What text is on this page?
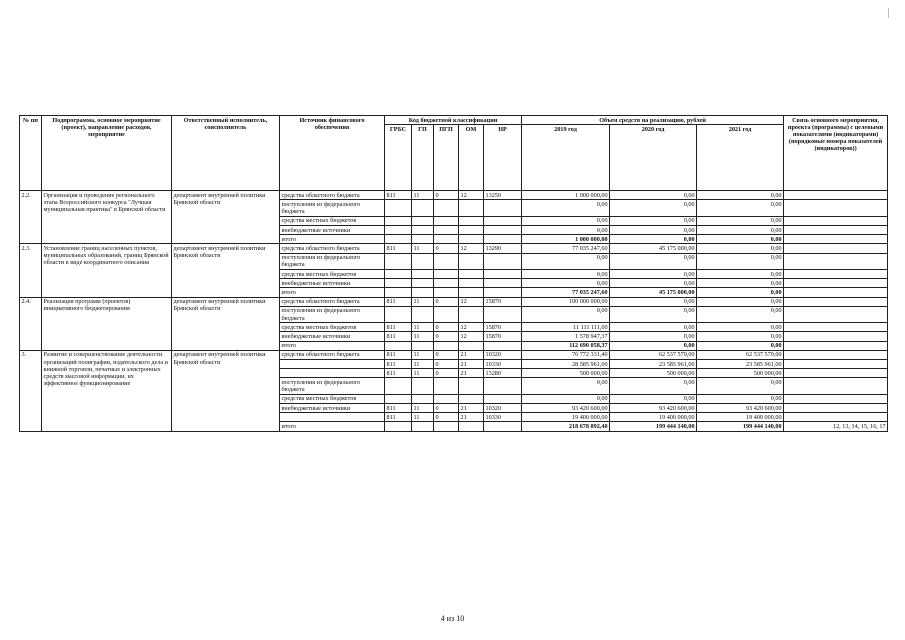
№ пп	Подпрограмма, основное мероприятие (проект), направление расходов, мероприятие	Ответственный исполнитель, соисполнитель	Источник финансового обеспечения	Код бюджетной классификации					Объем средств на реализацию, рублей			Связь основного мероприятия, проекта (программы) с целевыми показателями (индикаторами) (порядковые номера показателей (индикаторов))
				ГРБС	ГП	ПГП	ОМ	НР	2019 год	2020 год	2021 год	
2.2.	Организация и проведение регионального этапа Всероссийского конкурса "Лучшая муниципальная практика" в Брянской области	департамент внутренней политики Брянской области	средства областного бюджета	811	11	0	12	13250	1 000 000,00	0,00	0,00	
			поступления из федерального бюджета						0,00	0,00	0,00	
			средства местных бюджетов						0,00	0,00	0,00	
			внебюджетные источники						0,00	0,00	0,00	
			итого						1 000 000,00	0,00	0,00	
2.3.	Установление границ населенных пунктов, муниципальных образований, границ Брянской области в виде координатного описания	департамент внутренней политики Брянской области	средства областного бюджета	811	11	0	12	13290	77 035 247,60	45 175 000,00	0,00	
			поступления из федерального бюджета						0,00	0,00	0,00	
			средства местных бюджетов						0,00	0,00	0,00	
			внебюджетные источники						0,00	0,00	0,00	
			итого						77 035 247,60	45 175 000,00	0,00	
2.4.	Реализация программ (проектов) инициативного бюджетирования	департамент внутренней политики Брянской области	средства областного бюджета	811	11	0	12	15870	100 000 000,00	0,00	0,00	
			поступления из федерального бюджета						0,00	0,00	0,00	
			средства местных бюджетов	811	11	0	12	15870	11 111 111,00	0,00	0,00	
			внебюджетные источники	811	11	0	12	15870	1 578 947,37	0,00	0,00	
			итого						112 690 058,37	0,00	0,00	
3.	Развитие и совершенствование деятельности организаций полиграфии, издательского дела и книжной торговли, печатных и электронных средств массовой информации, их эффективное функционирование	департамент внутренней политики Брянской области	средства областного бюджета	811	11	0	21	10320	76 772 331,40	62 537 579,00	62 537 579,00	
				811	11	0	21	10330	28 585 961,00	23 585 961,00	23 585 961,00	
				811	11	0	21	13280	500 000,00	500 000,00	500 000,00	
			поступления из федерального бюджета						0,00	0,00	0,00	
			средства местных бюджетов						0,00	0,00	0,00	
			внебюджетные источники	811	11	0	21	10320	93 420 600,00	93 420 600,00	93 420 600,00	
				811	11	0	21	10330	19 400 000,00	19 400 000,00	19 400 000,00	
			итого						218 678 892,40	199 444 140,00	199 444 140,00	12, 13, 14, 15, 16, 17
4 из 10
